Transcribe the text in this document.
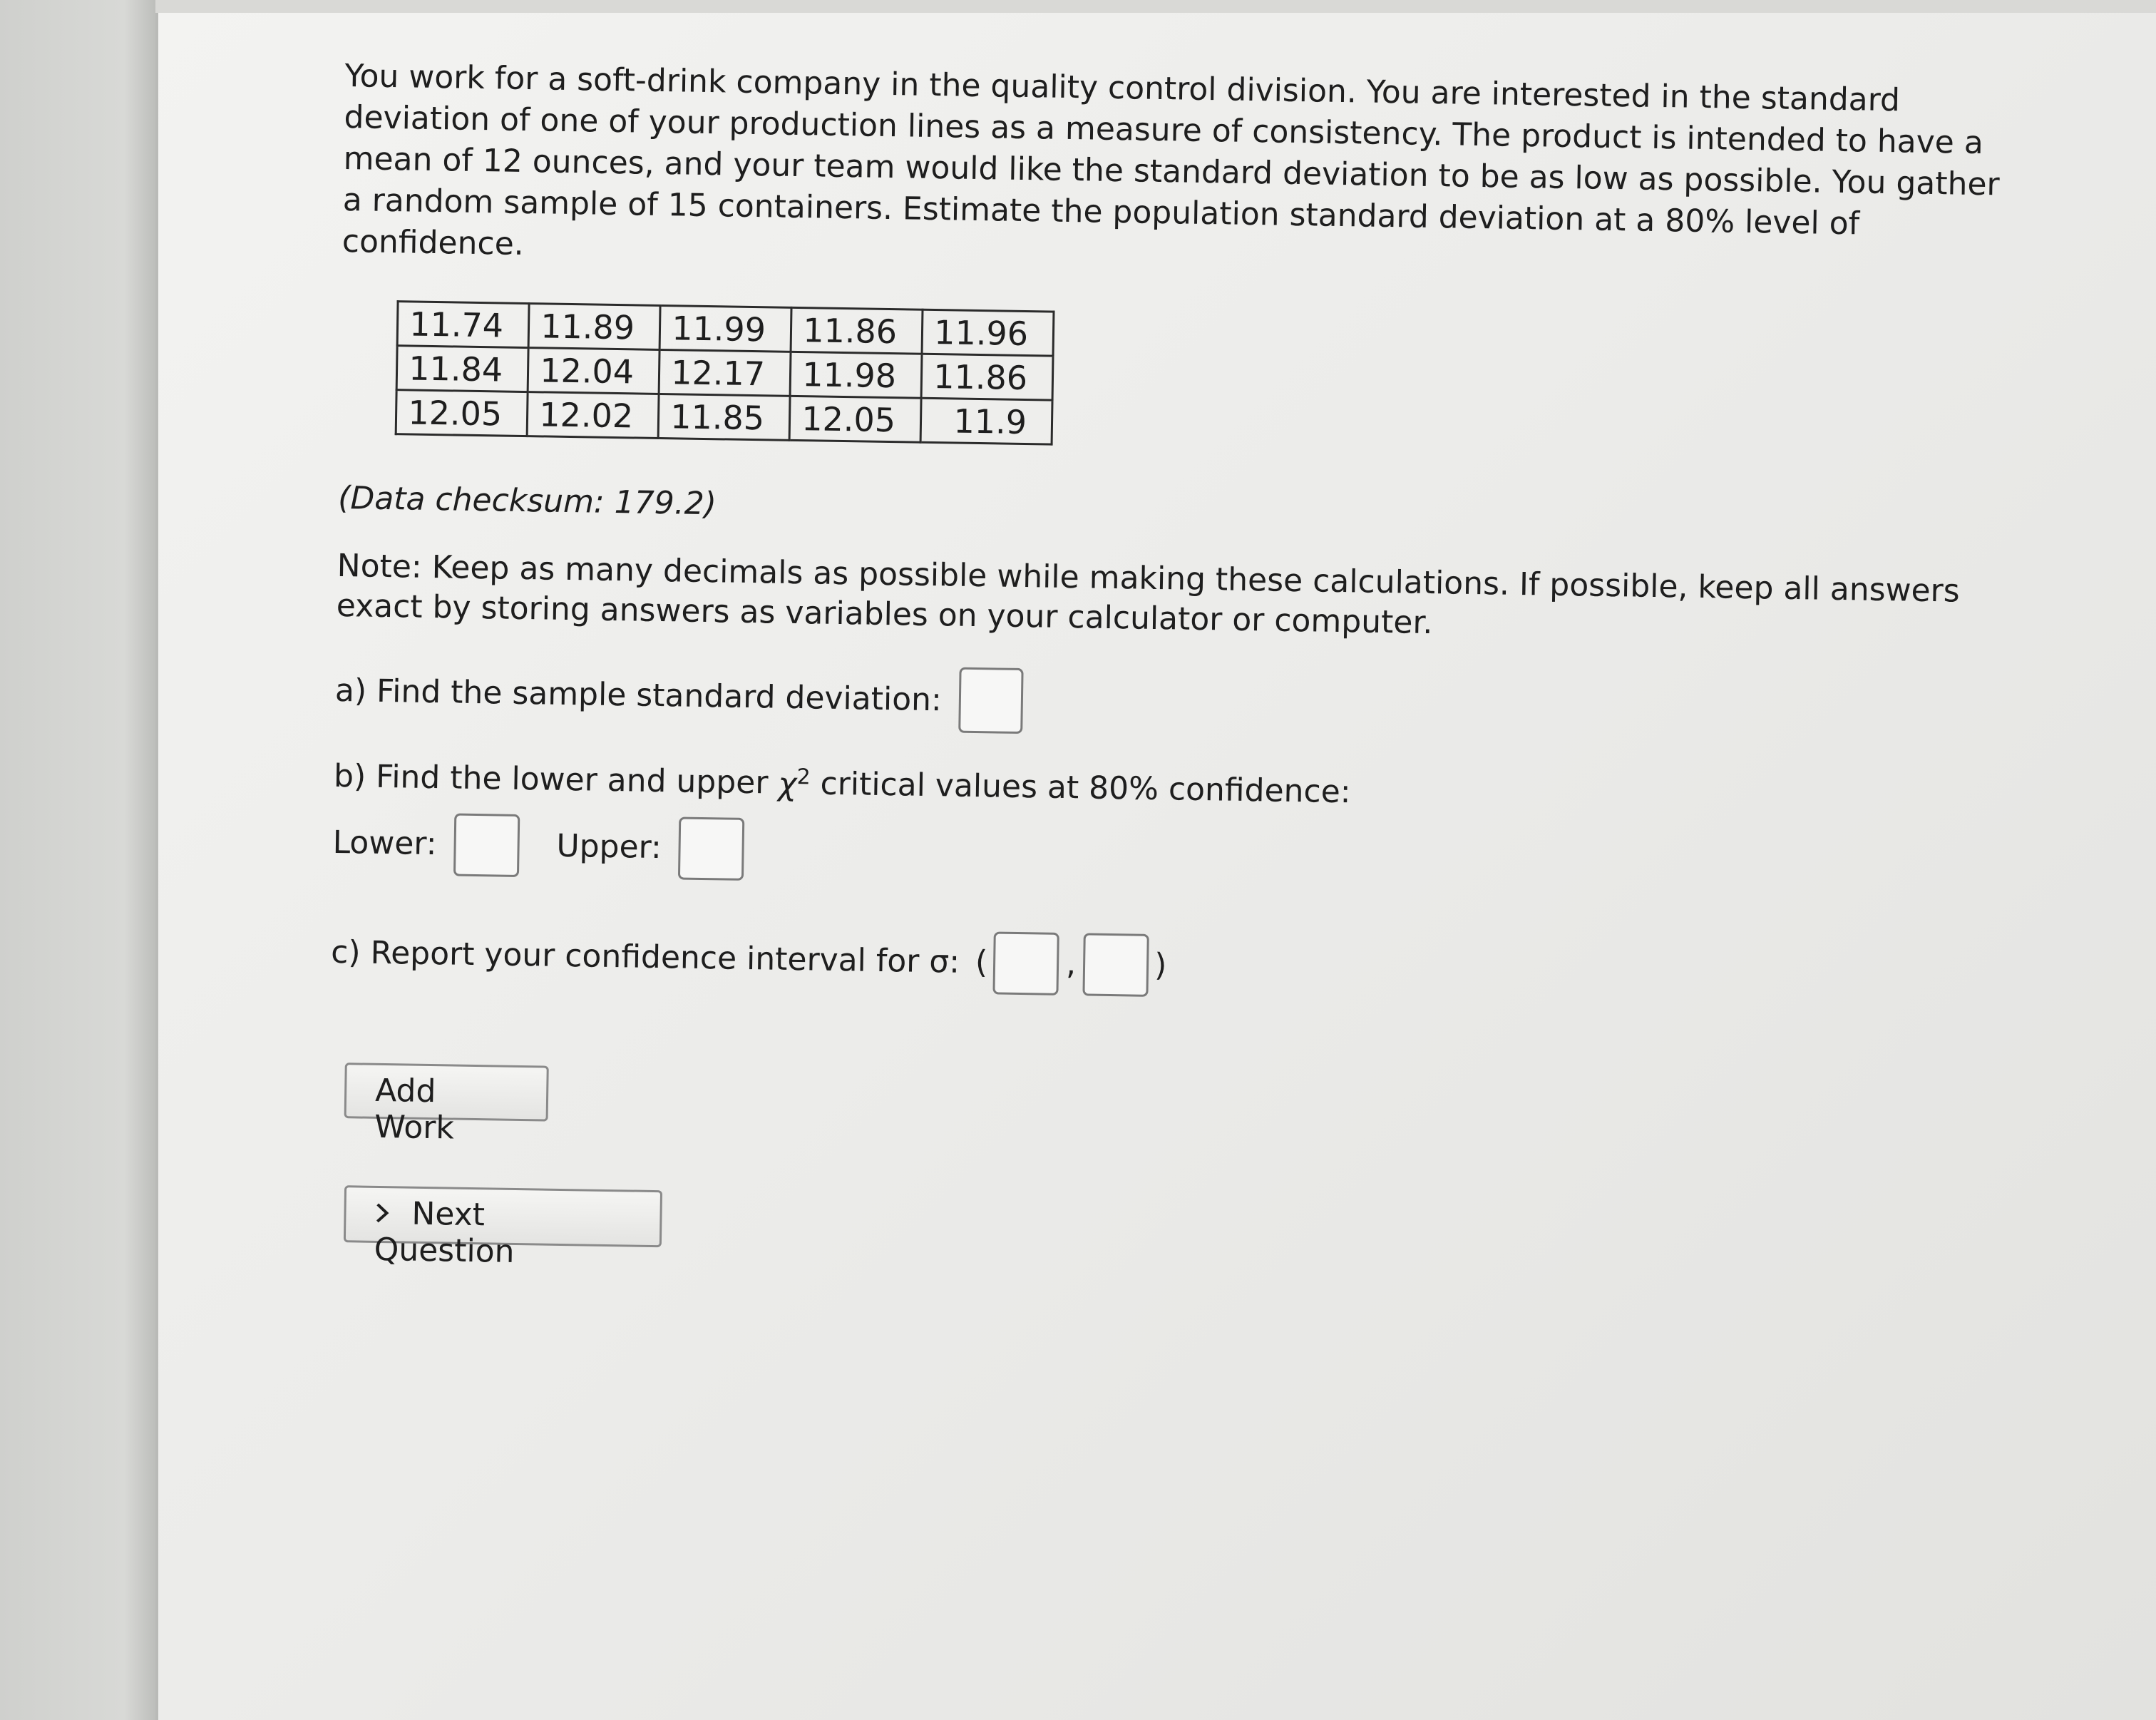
You work for a soft-drink company in the quality control division. You are interested in the standard deviation of one of your production lines as a measure of consistency. The product is intended to have a mean of 12 ounces, and your team would like the standard deviation to be as low as possible. You gather a random sample of 15 containers. Estimate the population standard deviation at a 80% level of confidence.

11.74	11.89	11.99	11.86	11.96
11.84	12.04	12.17	11.98	11.86
12.05	12.02	11.85	12.05	11.9
(Data checksum: 179.2)
Note: Keep as many decimals as possible while making these calculations. If possible, keep all answers exact by storing answers as variables on your calculator or computer.
a) Find the sample standard deviation:
b) Find the lower and upper $\chi^2$ critical values at 80% confidence:
Lower:	Upper:
c) Report your confidence interval for σ: ( , )
Add Work
Next Question
